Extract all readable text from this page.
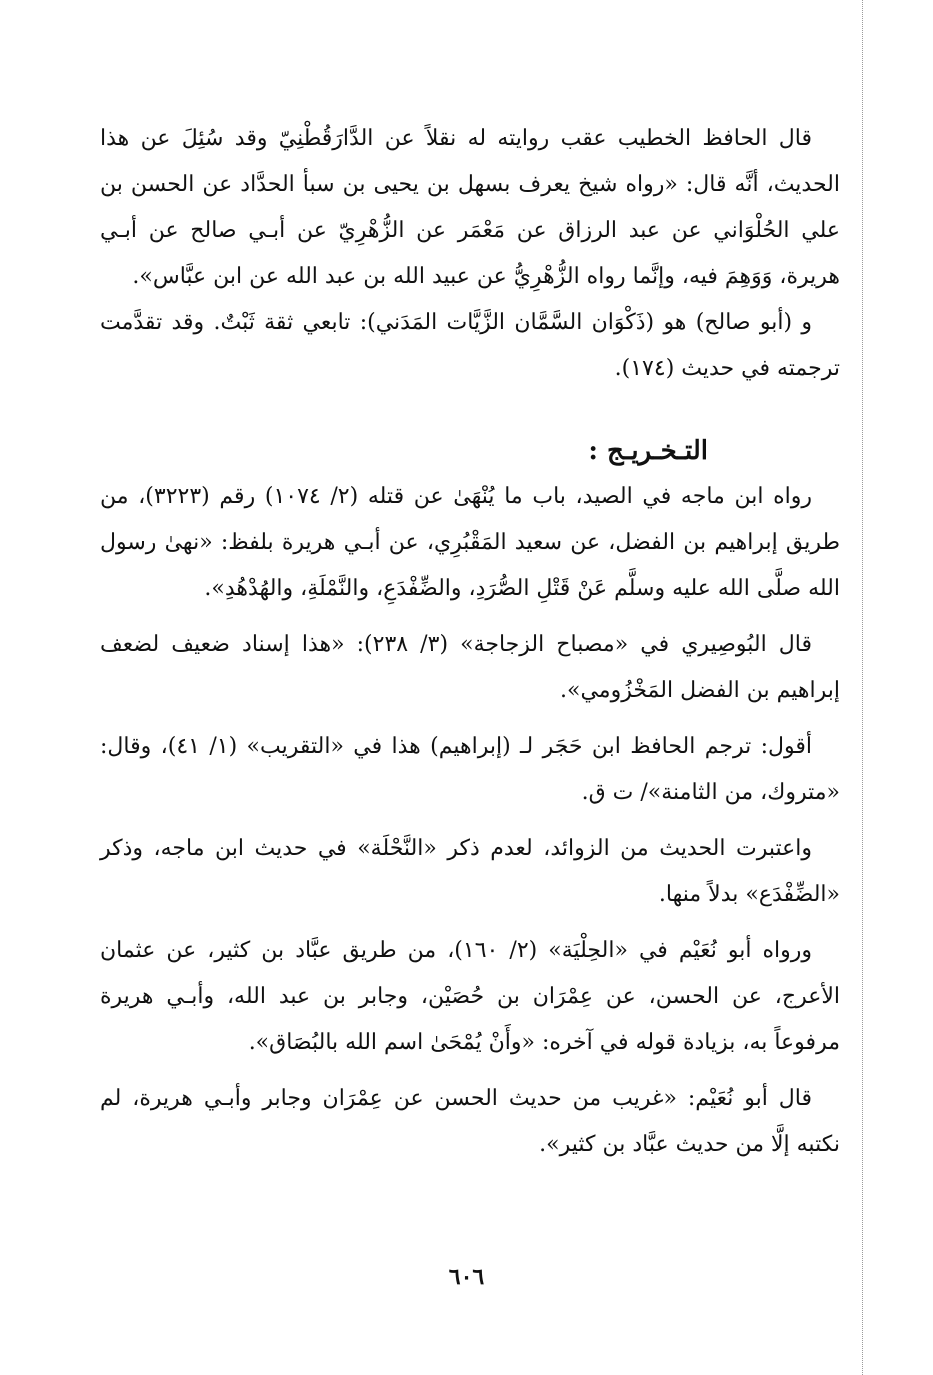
قال الحافظ الخطيب عقب روايته له نقلاً عن الدَّارَقُطْنِيّ وقد سُئِلَ عن هذا الحديث، أنَّه قال: «رواه شيخ يعرف بسهل بن يحيى بن سبأ الحدَّاد عن الحسن بن علي الحُلْوَاني عن عبد الرزاق عن مَعْمَر عن الزُّهْرِيّ عن أبـي صالح عن أبـي هريرة، وَوَهِمَ فيه، وإنَّما رواه الزُّهْرِيُّ عن عبيد الله بن عبد الله عن ابن عبَّاس».

و (أبو صالح) هو (ذَكْوَان السَّمَّان الزَّيَّات المَدَني): تابعي ثقة ثَبْتٌ. وقد تقدَّمت ترجمته في حديث (١٧٤).

التـخـريـج :

رواه ابن ماجه في الصيد، باب ما يُنْهَىٰ عن قتله (٢/ ١٠٧٤) رقم (٣٢٢٣)، من طريق إبراهيم بن الفضل، عن سعيد المَقْبُرِي، عن أبـي هريرة بلفظ: «نهىٰ رسول الله صلَّى الله عليه وسلَّم عَنْ قَتْلِ الصُّرَدِ، والضِّفْدَعِ، والنَّمْلَةِ، والهُدْهُدِ».

قال البُوصِيري في «مصباح الزجاجة» (٣/ ٢٣٨): «هذا إسناد ضعيف لضعف إبراهيم بن الفضل المَخْزُومي».

أقول: ترجم الحافظ ابن حَجَر لـ (إبراهيم) هذا في «التقريب» (١/ ٤١)، وقال: «متروك، من الثامنة»/ ت ق.

واعتبرت الحديث من الزوائد، لعدم ذكر «النَّحْلَة» في حديث ابن ماجه، وذكر «الضِّفْدَع» بدلاً منها.

ورواه أبو نُعَيْم في «الحِلْيَة» (٢/ ١٦٠)، من طريق عبَّاد بن كثير، عن عثمان الأعرج، عن الحسن، عن عِمْرَان بن حُصَيْن، وجابر بن عبد الله، وأبـي هريرة مرفوعاً به، بزيادة قوله في آخره: «وأَنْ يُمْحَىٰ اسم الله بالبُصَاق».

قال أبو نُعَيْم: «غريب من حديث الحسن عن عِمْرَان وجابر وأبـي هريرة، لم نكتبه إلَّا من حديث عبَّاد بن كثير».

٦٠٦
